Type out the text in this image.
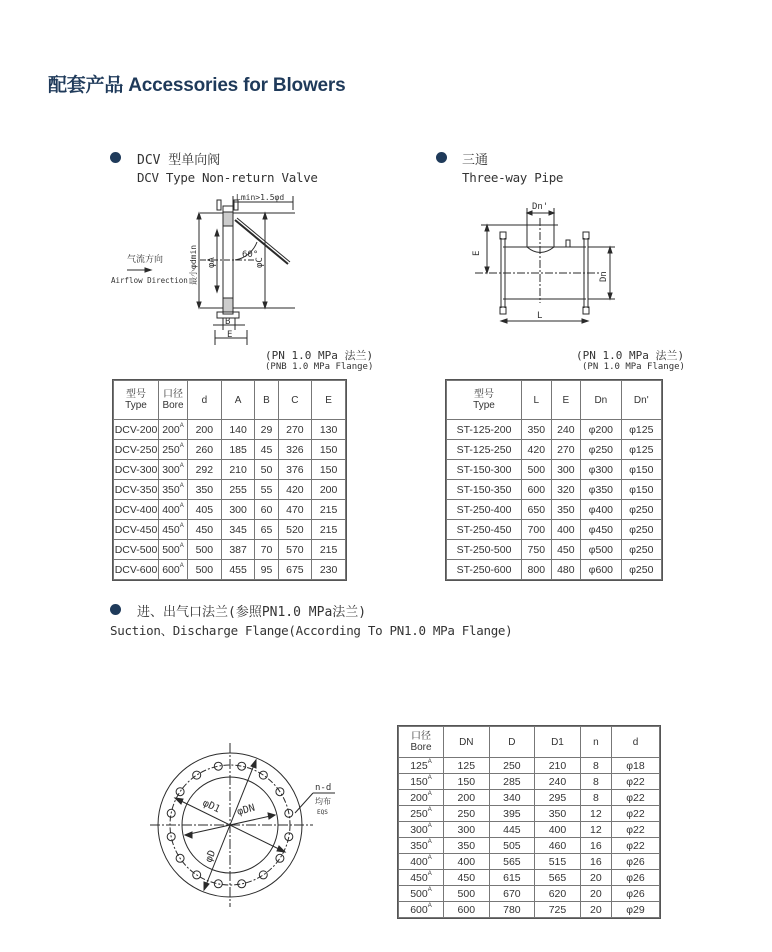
配套产品 Accessories for Blowers
DCV 型单向阀
DCV Type Non-return Valve
Lmin>1.5φd
60°
最小φdmin φA	φC
B
E
气流方向
Airflow Direction
(PN 1.0 MPa 法兰)
(PNB 1.0 MPa Flange)
型号
Type	口径
Bore	d	A	B	C	E
DCV-200	$200^A$	200	140	29	270	130
DCV-250	$250^A$	260	185	45	326	150
DCV-300	$300^A$	292	210	50	376	150
DCV-350	$350^A$	350	255	55	420	200
DCV-400	$400^A$	405	300	60	470	215
DCV-450	$450^A$	450	345	65	520	215
DCV-500	$500^A$	500	387	70	570	215
DCV-600	$600^A$	500	455	95	675	230
三通
Three-way Pipe
Dn'
E
Dn
L
(PN 1.0 MPa 法兰)
(PN 1.0 MPa Flange)
型号
Type	L	E	Dn	Dn'
ST-125-200	350	240	φ200	φ125
ST-125-250	420	270	φ250	φ125
ST-150-300	500	300	φ300	φ150
ST-150-350	600	320	φ350	φ150
ST-250-400	650	350	φ400	φ250
ST-250-450	700	400	φ450	φ250
ST-250-500	750	450	φ500	φ250
ST-250-600	800	480	φ600	φ250
进、出气口法兰(参照PN1.0 MPa法兰)
Suction、Discharge Flange(According To PN1.0 MPa Flange)
φD1 φDN
φD
n-d
均布
EQS
口径
Bore	DN	D	D1	n	d
$125^A$	125	250	210	8	φ18
$150^A$	150	285	240	8	φ22
$200^A$	200	340	295	8	φ22
$250^A$	250	395	350	12	φ22
$300^A$	300	445	400	12	φ22
$350^A$	350	505	460	16	φ22
$400^A$	400	565	515	16	φ26
$450^A$	450	615	565	20	φ26
$500^A$	500	670	620	20	φ26
$600^A$	600	780	725	20	φ29
